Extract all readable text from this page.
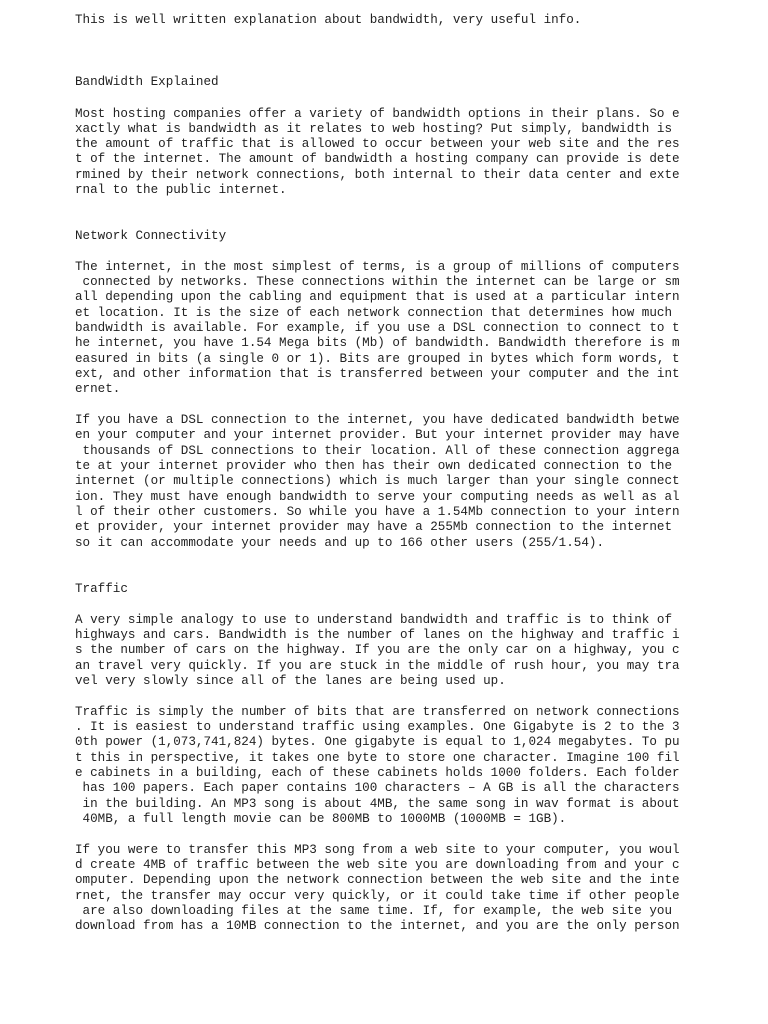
This is well written explanation about bandwidth, very useful info.

BandWidth Explained

Most hosting companies offer a variety of bandwidth options in their plans. So e

xactly what is bandwidth as it relates to web hosting? Put simply, bandwidth is

the amount of traffic that is allowed to occur between your web site and the res

t of the internet. The amount of bandwidth a hosting company can provide is dete

rmined by their network connections, both internal to their data center and exte

rnal to the public internet.

Network Connectivity

The internet, in the most simplest of terms, is a group of millions of computers

connected by networks. These connections within the internet can be large or sm

all depending upon the cabling and equipment that is used at a particular intern

et location. It is the size of each network connection that determines how much

bandwidth is available. For example, if you use a DSL connection to connect to t

he internet, you have 1.54 Mega bits (Mb) of bandwidth. Bandwidth therefore is m

easured in bits (a single 0 or 1). Bits are grouped in bytes which form words, t

ext, and other information that is transferred between your computer and the int

ernet.

If you have a DSL connection to the internet, you have dedicated bandwidth betwe

en your computer and your internet provider. But your internet provider may have

thousands of DSL connections to their location. All of these connection aggrega

te at your internet provider who then has their own dedicated connection to the

internet (or multiple connections) which is much larger than your single connect

ion. They must have enough bandwidth to serve your computing needs as well as al

l of their other customers. So while you have a 1.54Mb connection to your intern

et provider, your internet provider may have a 255Mb connection to the internet

so it can accommodate your needs and up to 166 other users (255/1.54).

Traffic

A very simple analogy to use to understand bandwidth and traffic is to think of

highways and cars. Bandwidth is the number of lanes on the highway and traffic i

s the number of cars on the highway. If you are the only car on a highway, you c

an travel very quickly. If you are stuck in the middle of rush hour, you may tra

vel very slowly since all of the lanes are being used up.

Traffic is simply the number of bits that are transferred on network connections

. It is easiest to understand traffic using examples. One Gigabyte is 2 to the 3

0th power (1,073,741,824) bytes. One gigabyte is equal to 1,024 megabytes. To pu

t this in perspective, it takes one byte to store one character. Imagine 100 fil

e cabinets in a building, each of these cabinets holds 1000 folders. Each folder

has 100 papers. Each paper contains 100 characters – A GB is all the characters

in the building. An MP3 song is about 4MB, the same song in wav format is about

40MB, a full length movie can be 800MB to 1000MB (1000MB = 1GB).

If you were to transfer this MP3 song from a web site to your computer, you woul

d create 4MB of traffic between the web site you are downloading from and your c

omputer. Depending upon the network connection between the web site and the inte

rnet, the transfer may occur very quickly, or it could take time if other people

are also downloading files at the same time. If, for example, the web site you

download from has a 10MB connection to the internet, and you are the only person
